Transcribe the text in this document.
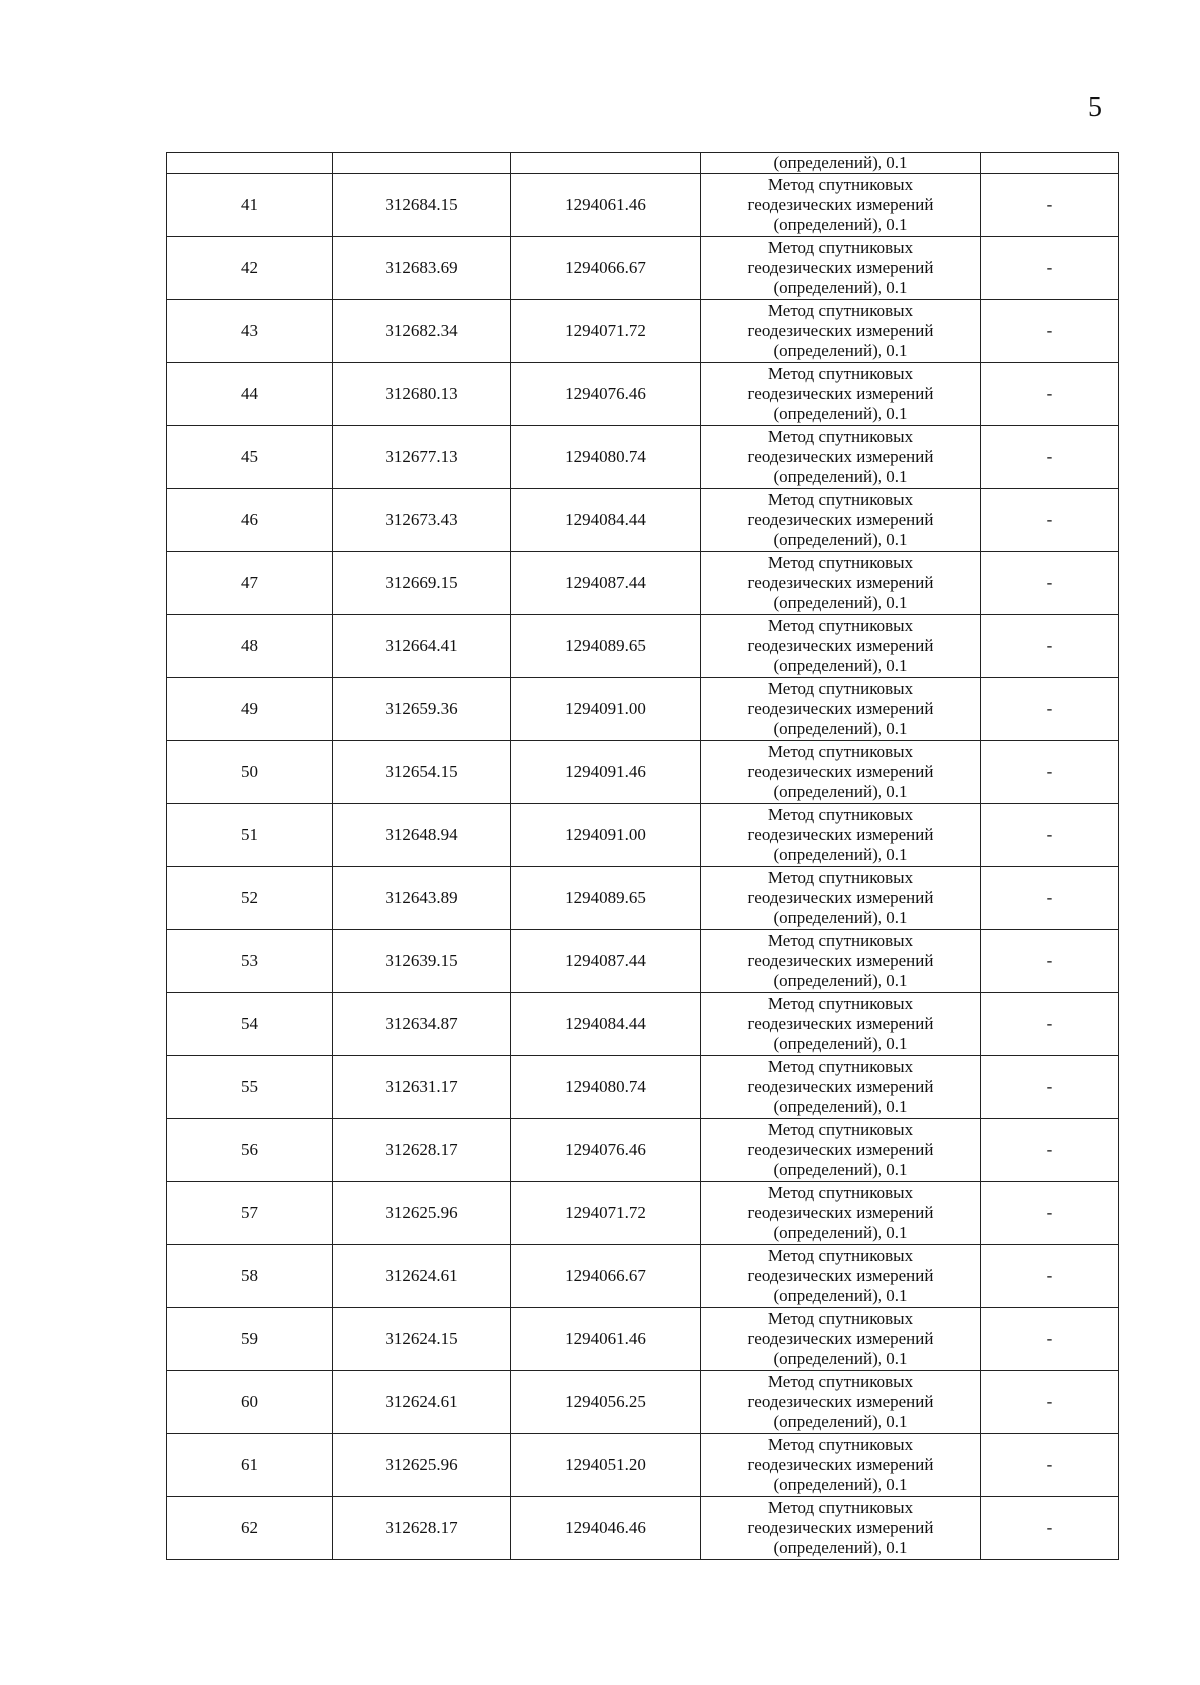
5
			(определений), 0.1	
41	312684.15	1294061.46	Метод спутниковых
геодезических измерений
(определений), 0.1	-
42	312683.69	1294066.67	Метод спутниковых
геодезических измерений
(определений), 0.1	-
43	312682.34	1294071.72	Метод спутниковых
геодезических измерений
(определений), 0.1	-
44	312680.13	1294076.46	Метод спутниковых
геодезических измерений
(определений), 0.1	-
45	312677.13	1294080.74	Метод спутниковых
геодезических измерений
(определений), 0.1	-
46	312673.43	1294084.44	Метод спутниковых
геодезических измерений
(определений), 0.1	-
47	312669.15	1294087.44	Метод спутниковых
геодезических измерений
(определений), 0.1	-
48	312664.41	1294089.65	Метод спутниковых
геодезических измерений
(определений), 0.1	-
49	312659.36	1294091.00	Метод спутниковых
геодезических измерений
(определений), 0.1	-
50	312654.15	1294091.46	Метод спутниковых
геодезических измерений
(определений), 0.1	-
51	312648.94	1294091.00	Метод спутниковых
геодезических измерений
(определений), 0.1	-
52	312643.89	1294089.65	Метод спутниковых
геодезических измерений
(определений), 0.1	-
53	312639.15	1294087.44	Метод спутниковых
геодезических измерений
(определений), 0.1	-
54	312634.87	1294084.44	Метод спутниковых
геодезических измерений
(определений), 0.1	-
55	312631.17	1294080.74	Метод спутниковых
геодезических измерений
(определений), 0.1	-
56	312628.17	1294076.46	Метод спутниковых
геодезических измерений
(определений), 0.1	-
57	312625.96	1294071.72	Метод спутниковых
геодезических измерений
(определений), 0.1	-
58	312624.61	1294066.67	Метод спутниковых
геодезических измерений
(определений), 0.1	-
59	312624.15	1294061.46	Метод спутниковых
геодезических измерений
(определений), 0.1	-
60	312624.61	1294056.25	Метод спутниковых
геодезических измерений
(определений), 0.1	-
61	312625.96	1294051.20	Метод спутниковых
геодезических измерений
(определений), 0.1	-
62	312628.17	1294046.46	Метод спутниковых
геодезических измерений
(определений), 0.1	-
